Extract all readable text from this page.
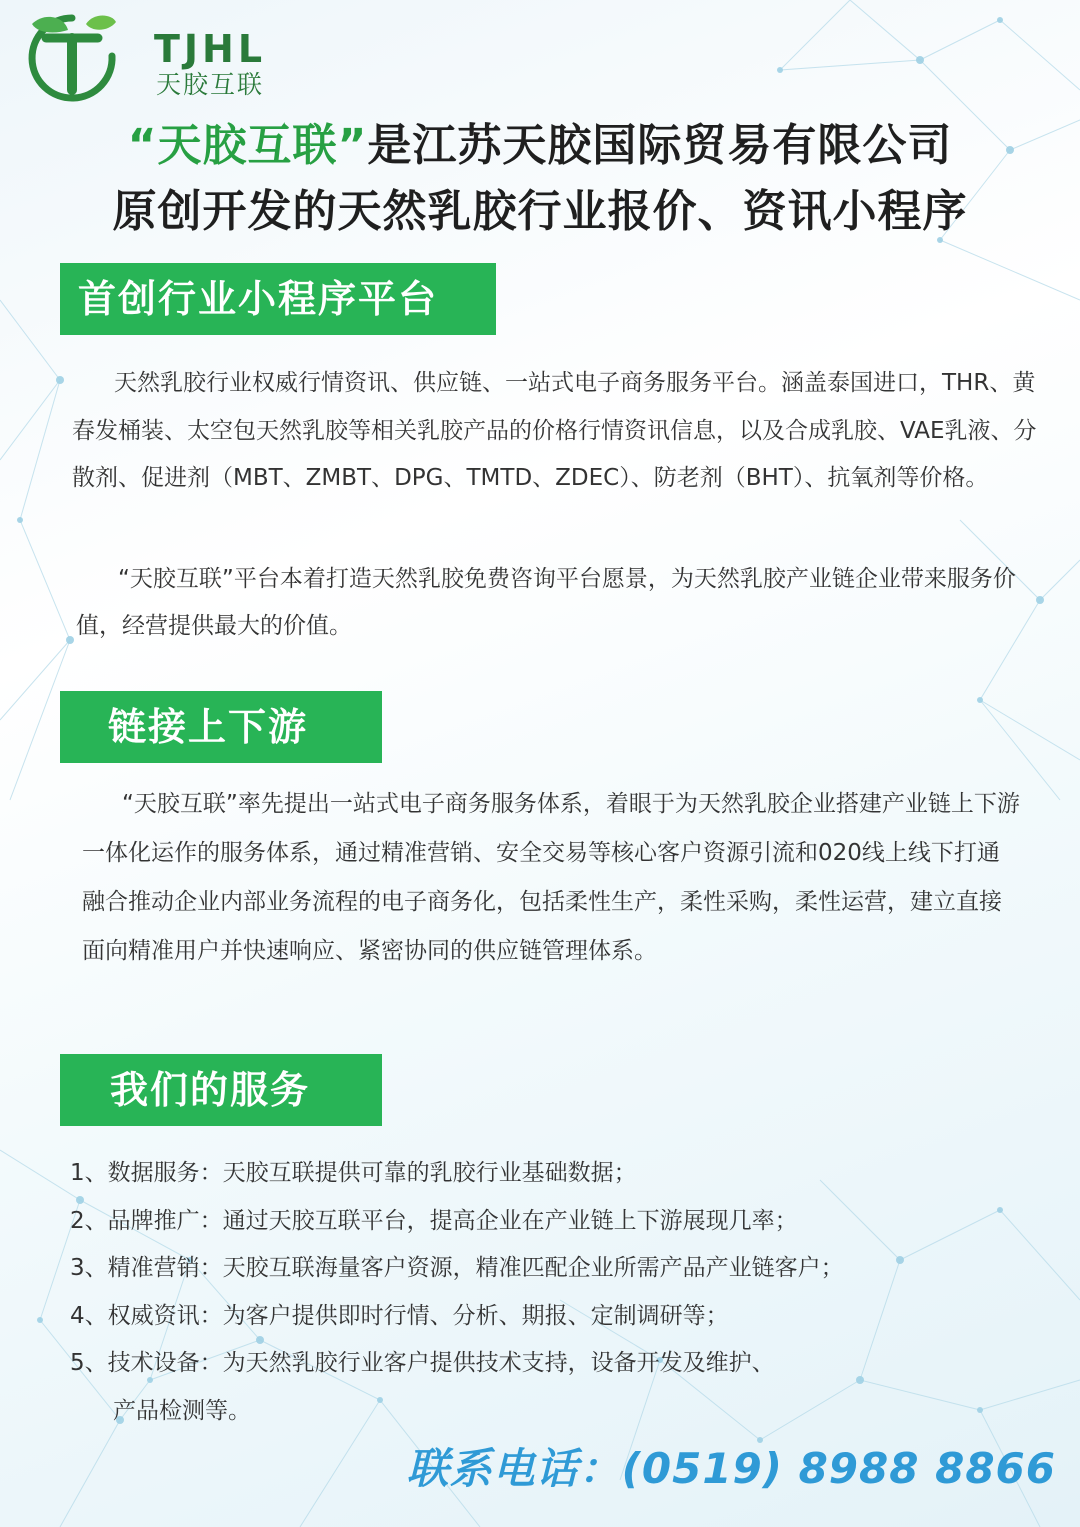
TJHL
天胶互联
“天胶互联”是江苏天胶国际贸易有限公司
原创开发的天然乳胶行业报价、资讯小程序
首创行业小程序平台

天然乳胶行业权威行情资讯、供应链、一站式电子商务服务平台。涵盖泰国进口，THR、黄春发桶装、太空包天然乳胶等相关乳胶产品的价格行情资讯信息，以及合成乳胶、VAE乳液、分散剂、促进剂（MBT、ZMBT、DPG、TMTD、ZDEC）、防老剂（BHT）、抗氧剂等价格。

“天胶互联”平台本着打造天然乳胶免费咨询平台愿景，为天然乳胶产业链企业带来服务价值，经营提供最大的价值。

链接上下游

“天胶互联”率先提出一站式电子商务服务体系，着眼于为天然乳胶企业搭建产业链上下游一体化运作的服务体系，通过精准营销、安全交易等核心客户资源引流和020线上线下打通融合推动企业内部业务流程的电子商务化，包括柔性生产，柔性采购，柔性运营，建立直接面向精准用户并快速响应、紧密协同的供应链管理体系。

我们的服务
1、数据服务：天胶互联提供可靠的乳胶行业基础数据；
2、品牌推广：通过天胶互联平台，提高企业在产业链上下游展现几率；
3、精准营销：天胶互联海量客户资源，精准匹配企业所需产品产业链客户；
4、权威资讯：为客户提供即时行情、分析、期报、定制调研等；
5、技术设备：为天然乳胶行业客户提供技术支持，设备开发及维护、
产品检测等。
联系电话：(0519) 8988 8866
